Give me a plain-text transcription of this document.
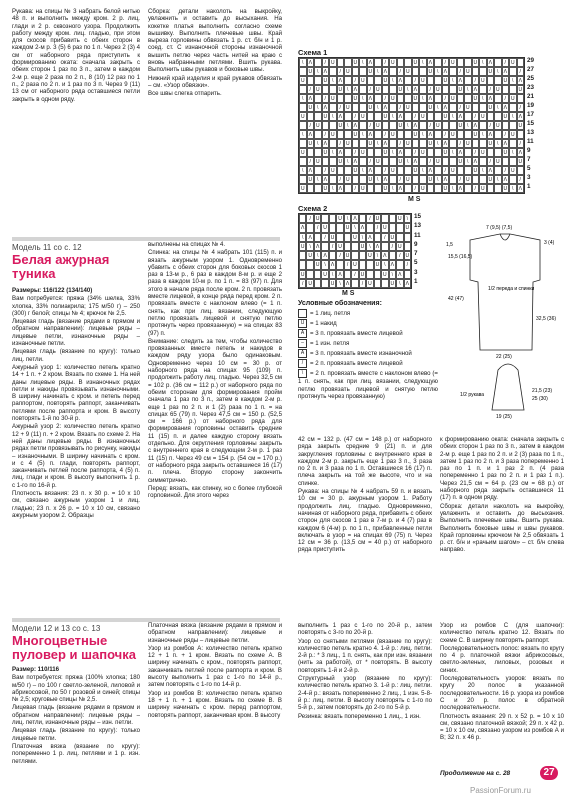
Рукава: на спицы № 3 набрать белой нитью 48 п. и выполнить между кром. 2 р. лиц. глади и 2 р. сквозного узора. Продолжить работу между кром. лиц. гладью, при этом для скосов прибавить с обеих сторон в каждом 2-м р. 3 (5) 6 раз по 1 п. Через 2 (3) 4 см от наборного ряда приступить к формированию оката: сначала закрыть с обеих сторон 1 раз по 3 п., затем в каждом 2-м р. еще 2 раза по 2 п., 8 (10) 12 раз по 1 п., 2 раза по 2 п. и 1 раз по 3 п. Через 9 (11) 13 см от наборного ряда оставшиеся петли закрыть в одном ряду.

Сборка: детали наколоть на выкройку, увлажнить и оставить до высыхания. На кокетке платья выполнить согласно схеме вышивку. Выполнить плечевые швы. Край выреза горловины обвязать 1 р. ст. б/н и 1 р. соед. ст. С изнаночной стороны изнаночной вышить петлю через часть нитей на краю с вновь набранными петлями. Вшить рукава. Выполнить швы рукавов и боковые швы.

Нижний край изделия и край рукавов обвязать – см. «Узор обвязки».

Все швы слегка отпарить.

Схема 1
\	Λ	/	U	U \	Λ	/	U	U \	Λ	/	U	U \	Λ	/	U
U \	Λ	/	U	U \	Λ	/	U	U \	Λ	/	U	U \	Λ	/
U	U \	Λ	/	U	U \	Λ	/	U	U \	Λ	/	U	U \	Λ
/	U	U \	Λ	/	U	U \	Λ	/	U	U \	Λ	/	U	U
\	Λ	/	U	U \	Λ	/	U	U \	Λ	/	U	U \	Λ	/	U
U \	Λ	/	U	U \	Λ	/	U	U \	Λ	/	U	U \	Λ	/
U	U \	Λ	/	U	U \	Λ	/	U	U \	Λ	/	U	U \	Λ
/	U	U \	Λ	/	U	U \	Λ	/	U	U \	Λ	/	U	U
\	Λ	/	U	U \	Λ	/	U	U \	Λ	/	U	U \	Λ	/	U
U \	Λ	/	U	U \	Λ	/	U	U \	Λ	/	U	U \	Λ	/
U	U \	Λ	/	U	U \	Λ	/	U	U \	Λ	/	U	U \	Λ
/	U	U \	Λ	/	U	U \	Λ	/	U	U \	Λ	/	U	U
\	Λ	/	U	U \	Λ	/	U	U \	Λ	/	U	U \	Λ	/	U
U \	Λ	/	U	U \	Λ	/	U	U \	Λ	/	U	U \	Λ	/
U	U \	Λ	/	U	U \	Λ	/	U	U \	Λ	/	U	U \	Λ
29
27
25
23
21
19
17
15
13
11
9
7
5
3
1
М S
Модель 11 со с. 12
Белая ажурная
туника

Размеры: 116/122 (134/140)

Вам потребуется: пряжа (34% шелка, 33% хлопка, 33% полиакрила; 175 м/50 г) – 250 (300) г белой; спицы № 4; крючок № 2,5.

Лицевая гладь (вязание рядами в прямом и обратном направлении): лицевые ряды – лицевые петли, изнаночные ряды – изнаночные петли.

Лицевая гладь (вязание по кругу): только лиц. петли.

Ажурный узор 1: количество петель кратно 14 + 1 п. + 2 кром. Вязать по схеме 1. На ней даны лицевые ряды. В изнаночных рядах петли и накиды провязывать изнаночными. В ширину начинать с кром. и петель перед раппортом, повторять раппорт, заканчивать петлями после раппорта и кром. В высоту повторять 1-й по 30-й р.

Ажурный узор 2: количество петель кратно 12 + 9 (11) п. + 2 кром. Вязать по схеме 2. На ней даны лицевые ряды. В изнаночных рядах петли провязывать по рисунку, накиды – изнаночными. В ширину начинать с кром. и с 4 (5) п. глади, повторять раппорт, заканчивать петлей после раппорта, 4 (5) п. лиц. глади и кром. В высоту выполнить 1 р. с 1-го по 16-й р.

Плотность вязания: 23 п. х 30 р. = 10 х 10 см, связано ажурным узором 1 и лиц. гладью; 23 п. х 26 р. = 10 х 10 см, связано ажурным узором 2. Образцы

выполнены на спицах № 4.

Спинка: на спицы № 4 набрать 101 (115) п. и вязать ажурным узором 1. Одновременно убавить с обеих сторон для боковых скосов 1 раз в 13-м р., 6 раз в каждом 8-м р. и еще 2 раза в каждом 10-м р. по 1 п. = 83 (97) п. Для этого в начале ряда после кром. 2 п. провязать вместе лицевой, в конце ряда перед кром. 2 п. провязать вместе с наклоном влево (= 1 п. снять, как при лиц. вязании, следующую петлю провязать лицевой и снятую петлю протянуть через провязанную) = на спицах 83 (97) п.

Внимание: следить за тем, чтобы количество провязанных вместе петель и накидов в каждом ряду узора было одинаковым. Одновременно через 10 см = 30 р. от наборного ряда на спицах 95 (109) п. продолжить работу лиц. гладью. Через 32,5 см = 102 р. (36 см = 112 р.) от наборного ряда по обеим сторонам для формирования пройм сначала 1 раз по 3 п., затем в каждом 2-м р. еще 1 раз по 2 п. и 1 (2) раза по 1 п. = на спицах 65 (79) п. Через 47,5 см = 150 р. (52,5 см = 166 р.) от наборного ряда для формирования горловины оставить средние 11 (15) п. и далее каждую сторону вязать отдельно. Для округления горловины закрыть с внутреннего края в следующем 2-м р. 1 раз 11 (15) п. Через 49 см = 154 р. (54 см = 170 р.) от наборного ряда закрыть оставшиеся 16 (17) п. плеча. Вторую сторону закончить симметрично.

Перед: вязать, как спинку, но с более глубокой горловиной. Для этого через

Схема 2
/ U	U \	Λ	/ U	U \
Λ	/ U	U \	Λ	/ U	U
\	Λ	/ U	U \	Λ	/ U
U \	Λ	/ U	U \	Λ	/ U
U \	Λ	/ U	U \	Λ	/ U
U \	Λ	/ U	U \	Λ	/
U	U \	Λ	/ U	U \	Λ
/ U	U \	Λ	/ U	U \	Λ
15
13
11
9
7
5
3
1
М S
Условные обозначения:
= 1 лиц. петля
U = 1 накид
A = 3 п. провязать вместе лицевой
– = 1 изн. петля
A = 3 п. провязать вместе изнаночной
/ = 2 п. провязать вместе лицевой
\ = 2 п. провязать вместе с наклоном влево (= 1 п. снять, как при лиц. вязании, следующую петлю провязать лицевой и снятую петлю протянуть через провязанную)
7 (9,5) (7,5)
1,5	3 (4)
15,5 (16,5)
42 (47)
1/2 переда и спинки
32,5 (36)
22 (25)
1/2 рукава
21,5 (23)
25 (30)
19 (25)

42 см = 132 р. (47 см = 148 р.) от наборного ряда закрыть средние 9 (21) п. и для закругления горловины с внутреннего края в каждом 2-м р. закрыть еще 1 раз 3 п., 3 раза по 2 п. и 3 раза по 1 п. Оставшиеся 16 (17) п. плеча закрыть на той же высоте, что и на спинке.

Рукава: на спицы № 4 набрать 59 п. и вязать 10 см = 30 р. ажурным узором 1. Работу продолжить лиц. гладью. Одновременно, начиная от наборного ряда, прибавить с обеих сторон для скосов 1 раз в 7-м р. и 4 (7) раз в каждом 6 (4-м) р. по 1 п., прибавленные петли включать в узор = на спицах 69 (75) п. Через 12 см = 36 р. (13,5 см = 40 р.) от наборного ряда приступить

к формированию оката: сначала закрыть с обеих сторон 1 раз по 3 п., затем в каждом 2-м р. еще 1 раз по 2 п. и 2 (3) раза по 1 п., затем 1 раз по 2 п. и 3 раза попеременно 1 раз по 1 п. и 1 раз 2 п. (4 раза попеременно 1 раз по 2 п. и 1 раз 1 п.). Через 21,5 см = 64 р. (23 см = 68 р.) от наборного ряда закрыть оставшиеся 11 (17) п. в одном ряду.

Сборка: детали наколоть на выкройку, увлажнить и оставить до высыхания. Выполнить плечевые швы. Вшить рукава. Выполнить боковые швы и швы рукавов. Край горловины крючком № 2,5 обвязать 1 р. ст. б/н и «рачьим шагом» – ст. б/н слева направо.

Модели 12 и 13 со с. 13
Многоцветные
пуловер и шапочка

Размер: 110/116

Вам потребуется: пряжа (100% хлопка; 180 м/50 г) – по 100 г светло-зеленой, лиловой и абрикосовой, по 50 г розовой и синей; спицы № 2,5; круговые спицы № 2,5.

Лицевая гладь (вязание рядами в прямом и обратном направлении): лицевые ряды – лиц. петли, изнаночные ряды – изн. петли.

Лицевая гладь (вязание по кругу): только лицевые петли.

Платочная вязка (вязание по кругу): попеременно 1 р. лиц. петлями и 1 р. изн. петлями.

Платочная вязка (вязание рядами в прямом и обратном направлении): лицевые и изнаночные ряды – лицевые петли.

Узор из ромбов А: количество петель кратно 12 + 1 п. + 1 кром. Вязать по схеме А. В ширину начинать с кром., повторять раппорт, заканчивать петлей после раппорта и кром. В высоту выполнить 1 раз с 1-го по 14-й р., затем повторять с 1-го по 14-й р.

Узор из ромбов В: количество петель кратно 18 + 1 п. + 1 кром. Вязать по схеме В. В ширину начинать с кром. перед раппортом, повторять раппорт, заканчивая кром. В высоту

выполнить 1 раз с 1-го по 20-й р., затем повторять с 3-го по 20-й р.

Узор со снятыми петлями (вязание по кругу): количество петель кратно 4. 1-й р.: лиц. петли. 2-й р.: * 3 лиц., 1 п. снять, как при изн. вязании (нить за работой), от * повторять. В высоту повторять 1-й и 2-й р.

Структурный узор (вязание по кругу): количество петель кратно 3. 1-й р.: лиц. петли. 2-4-й р.: вязать попеременно 2 лиц., 1 изн. 5-8-й р.: лиц. петли. В высоту повторять с 1-го по 5-й р., затем повторять до 2-го по 5-й р.

Резинка: вязать попеременно 1 лиц., 1 изн.

Узор из ромбов С (для шапочки): количество петель кратно 12. Вязать по схеме С. В ширину повторять раппорт.

Последовательность полос: вязать по кругу по 4 р. платочной вязки абрикосовых, светло-зеленых, лиловых, розовых и синих.

Последовательность узоров: вязать по кругу 20 полос в указанной последовательности. 16 р. узора из ромбов С и 20 р. полос в обратной последовательности.

Плотность вязания: 29 п. х 52 р. = 10 х 10 см, связано платочной вязкой; 29 п. х 42 р. = 10 х 10 см, связано узором из ромбов А и В; 32 п. х 46 р.

Продолжение на с. 28	27
PassionForum.ru
